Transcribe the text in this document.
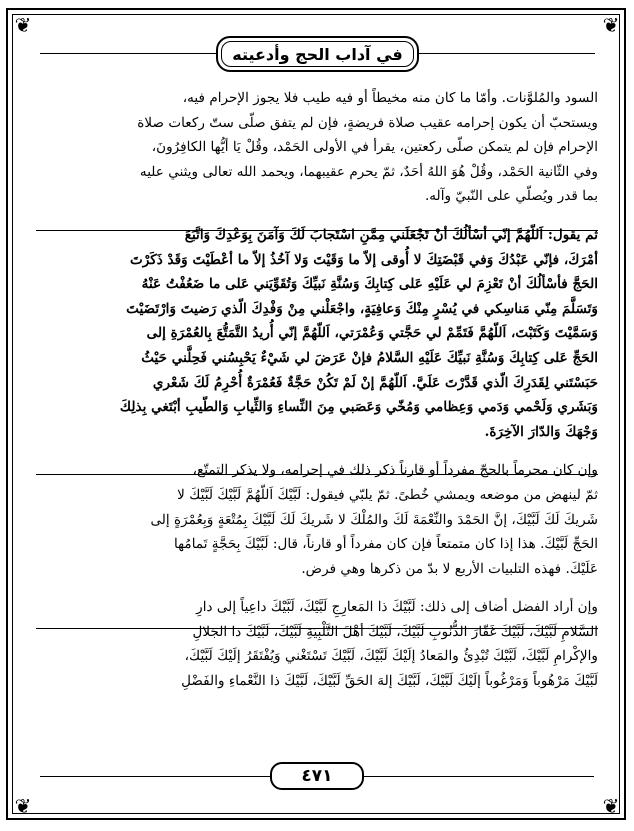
❦	❦
❦	❦
في آداب الحج وأدعيته

السود والمُلوَّنات. وأمّا ما كان منه مخيطاً أو فيه طيب فلا يجوز الإحرام فيه،
ويستحبّ أن يكون إحرامه عقيب صلاة فريضةٍ، فإن لم يتفق صلّى ستّ ركعات صلاة
الإحرام فإن لم يتمكن صلّى ركعتين، يقرأ في الأولى الحَمْد، وقُلْ يَا أيُّها الكافِرُونَ،
وفي الثّانية الحَمْد، وقُلْ هُوَ اللهُ أحَدٌ، ثمّ يحرم عقيبهما، ويحمد الله تعالى ويثني عليه
بما قدر ويُصلّي على النّبيّ وآله.

ثم يقول: اَللّهُمَّ إنّي أسْألُكَ أنْ تَجْعَلَني مِمَّنِ اسْتَجابَ لَكَ وَآمَنَ بِوَعْدِكَ وَاتَّبَعَ
أمْرَكَ، فإنّي عَبْدُكَ وَفي قَبْضَتِكَ لا أُوقى إلاّ ما وَقَيْتَ وَلا آخُذُ إلاّ ما أعْطَيْتَ وَقَدْ ذَكَرْتَ
الحَجَّ فأسْألُكَ أنْ تَعْزِمَ لي عَلَيْهِ عَلى كِتابِكَ وَسُنَّةِ نَبيِّكَ وَتُقَوِّيَني عَلى ما ضَعُفْتُ عَنْهُ
وَتَسَلَّمَ مِنّي مَناسِكي في يُسْرٍ مِنْكَ وَعافِيَةٍ، واجْعَلْني مِنْ وَفْدِكَ الّذي رَضيتَ وَارْتَضَيْتَ
وَسَمَّيْتَ وَكَتَبْتَ، اَللّهُمَّ فَتَمِّمْ لي حَجَّتي وَعُمْرَتي، اَللّهُمَّ إنّي أُريدُ التَّمَتُّعَ بِالعُمْرَةِ إلى
الحَجِّ عَلى كِتابِكَ وَسُنَّةِ نَبيِّكَ عَلَيْهِ السَّلامُ فإنْ عَرَضَ لي شَيْءٌ يَحْبِسُني فَحِلَّني حَيْثُ
حَبَسْتَني لِقَدَرِكَ الّذي قَدَّرْتَ عَلَيَّ. اَللّهُمَّ إنْ لَمْ تَكُنْ حَجَّةٌ فَعُمْرَةٌ أُحْرِمُ لَكَ شَعْري
وَبَشَري وَلَحْمي وَدَمي وَعِظامي وَمُخّي وَعَصَبي مِنَ النِّساءِ وَالثِّيابِ وَالطّيبِ أبْتَغي بِذلِكَ
وَجْهَكَ وَالدّارَ الآخِرَةَ.

وإن كان محرماً بالحجّ مفرداً أو قارناً ذكر ذلك في إحرامه، ولا يذكر التمتّع،
ثمّ لينهض من موضعه ويمشي خُطىً. ثمّ يلبّي فيقول: لَبَّيْكَ اَللّهُمَّ لَبَّيْكَ لَبَّيْكَ لا
شَريكَ لَكَ لَبَّيْكَ، إنَّ الحَمْدَ والنِّعْمَةَ لَكَ والمُلْكَ لا شَريكَ لَكَ لَبَّيْكَ بِمُتْعَةٍ وَبِعُمْرَةٍ إلى
الحَجِّ لَبَّيْكَ. هذا إذا كان متمتعاً فإن كان مفرداً أو قارناً، قال: لَبَّيْكَ بِحَجَّةٍ تَمامُها
عَلَيْكَ. فهذه التلبيات الأربع لا بدّ من ذكرها وهي فرض.

وإن أراد الفضل أضاف إلى ذلك: لَبَّيْكَ ذا المَعارِجِ لَبَّيْكَ، لَبَّيْكَ داعِياً إلى دارِ
السَّلامِ لَبَّيْكَ، لَبَّيْكَ غَفّارَ الذُّنُوبِ لَبَّيْكَ، لَبَّيْكَ أهْلَ التَّلْبِيَةِ لَبَّيْكَ، لَبَّيْكَ ذا الجَلالِ
والإكْرامِ لَبَّيْكَ، لَبَّيْكَ تُبْدِئُ والمَعادُ إلَيْكَ لَبَّيْكَ، لَبَّيْكَ تَسْتَغْني وَيُفْتَقَرُ إلَيْكَ لَبَّيْكَ،
لَبَّيْكَ مَرْهُوباً وَمَرْغُوباً إلَيْكَ لَبَّيْكَ، لَبَّيْكَ إلهَ الحَقِّ لَبَّيْكَ، لَبَّيْكَ ذا النَّعْماءِ والفَضْلِ

٤٧١
